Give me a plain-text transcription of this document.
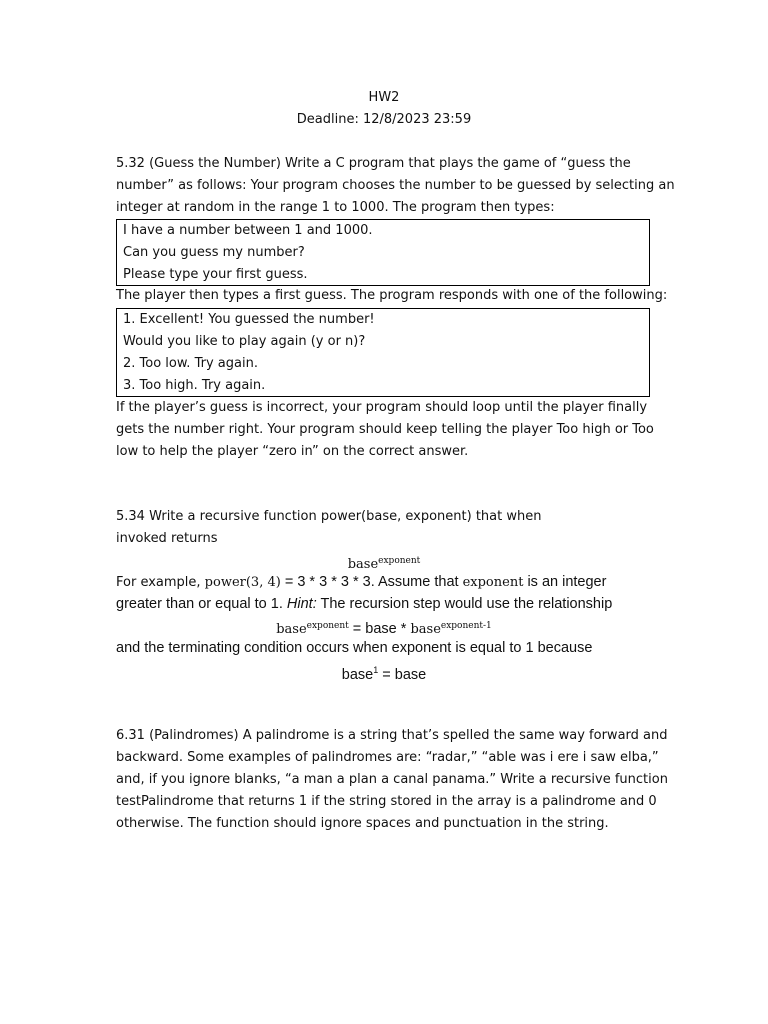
HW2
Deadline: 12/8/2023 23:59
5.32 (Guess the Number) Write a C program that plays the game of “guess the
number” as follows: Your program chooses the number to be guessed by selecting an
integer at random in the range 1 to 1000. The program then types:
I have a number between 1 and 1000.
Can you guess my number?
Please type your first guess.
The player then types a first guess. The program responds with one of the following:
1. Excellent! You guessed the number!
Would you like to play again (y or n)?
2. Too low. Try again.
3. Too high. Try again.
If the player’s guess is incorrect, your program should loop until the player finally
gets the number right. Your program should keep telling the player Too high or Too
low to help the player “zero in” on the correct answer.
5.34 Write a recursive function power(base, exponent) that when
invoked returns
base$^{exponent}$
For example, power(3, 4) = 3 * 3 * 3 * 3. Assume that exponent is an integer
greater than or equal to 1. Hint: The recursion step would use the relationship
base$^{exponent}$ = base * base$^{exponent-1}$
and the terminating condition occurs when exponent is equal to 1 because
base$^1$ = base
6.31 (Palindromes) A palindrome is a string that’s spelled the same way forward and
backward. Some examples of palindromes are: “radar,” “able was i ere i saw elba,”
and, if you ignore blanks, “a man a plan a canal panama.” Write a recursive function
testPalindrome that returns 1 if the string stored in the array is a palindrome and 0
otherwise. The function should ignore spaces and punctuation in the string.
